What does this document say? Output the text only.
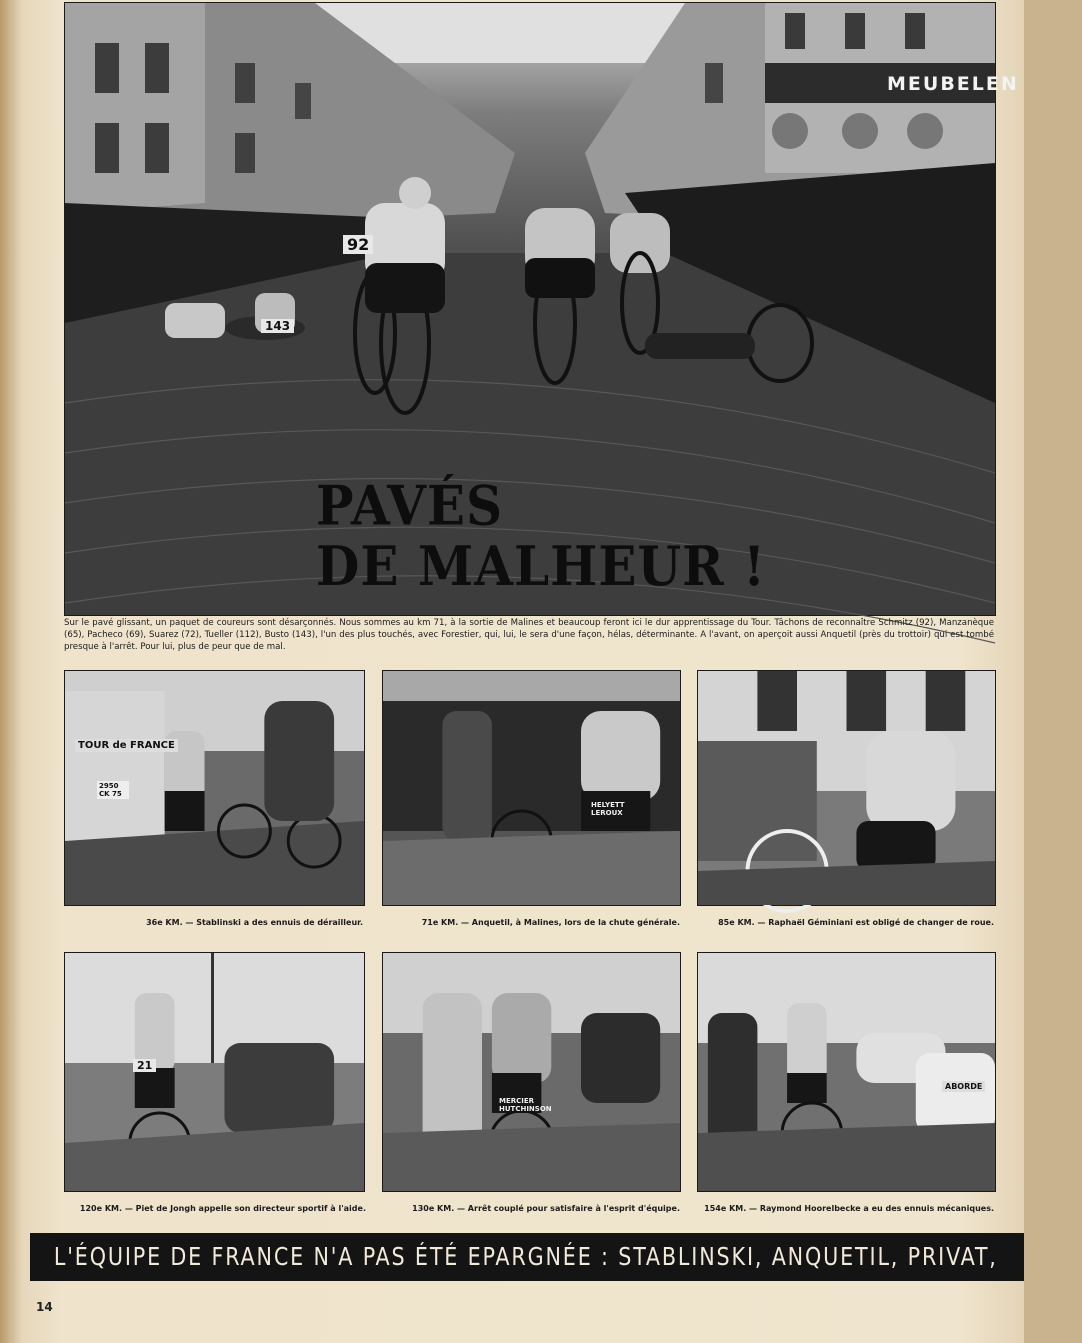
MEUBELEN
92
143
PAVÉS
DE MALHEUR !

Sur le pavé glissant, un paquet de coureurs sont désarçonnés. Nous sommes au km 71, à la sortie de Malines et beaucoup feront ici le dur apprentissage du Tour. Tâchons de reconnaître Schmitz (92), Manzanèque (65), Pacheco (69), Suarez (72), Tueller (112), Busto (143), l'un des plus touchés, avec Forestier, qui, lui, le sera d'une façon, hélas, déterminante. A l'avant, on aperçoit aussi Anquetil (près du trottoir) qui est tombé presque à l'arrêt. Pour lui, plus de peur que de mal.

TOUR de FRANCE
2950 CK 75
36e KM. — Stablinski a des ennuis de dérailleur.
HELYETT LEROUX
71e KM. — Anquetil, à Malines, lors de la chute générale.	85e KM. — Raphaël Géminiani est obligé de changer de roue.
21
120e KM. — Piet de Jongh appelle son directeur sportif à l'aide.
MERCIER HUTCHINSON
130e KM. — Arrêt couplé pour satisfaire à l'esprit d'équipe.
ABORDE
154e KM. — Raymond Hoorelbecke a eu des ennuis mécaniques.
L'ÉQUIPE DE FRANCE N'A PAS ÉTÉ EPARGNÉE : STABLINSKI, ANQUETIL, PRIVAT,
14
